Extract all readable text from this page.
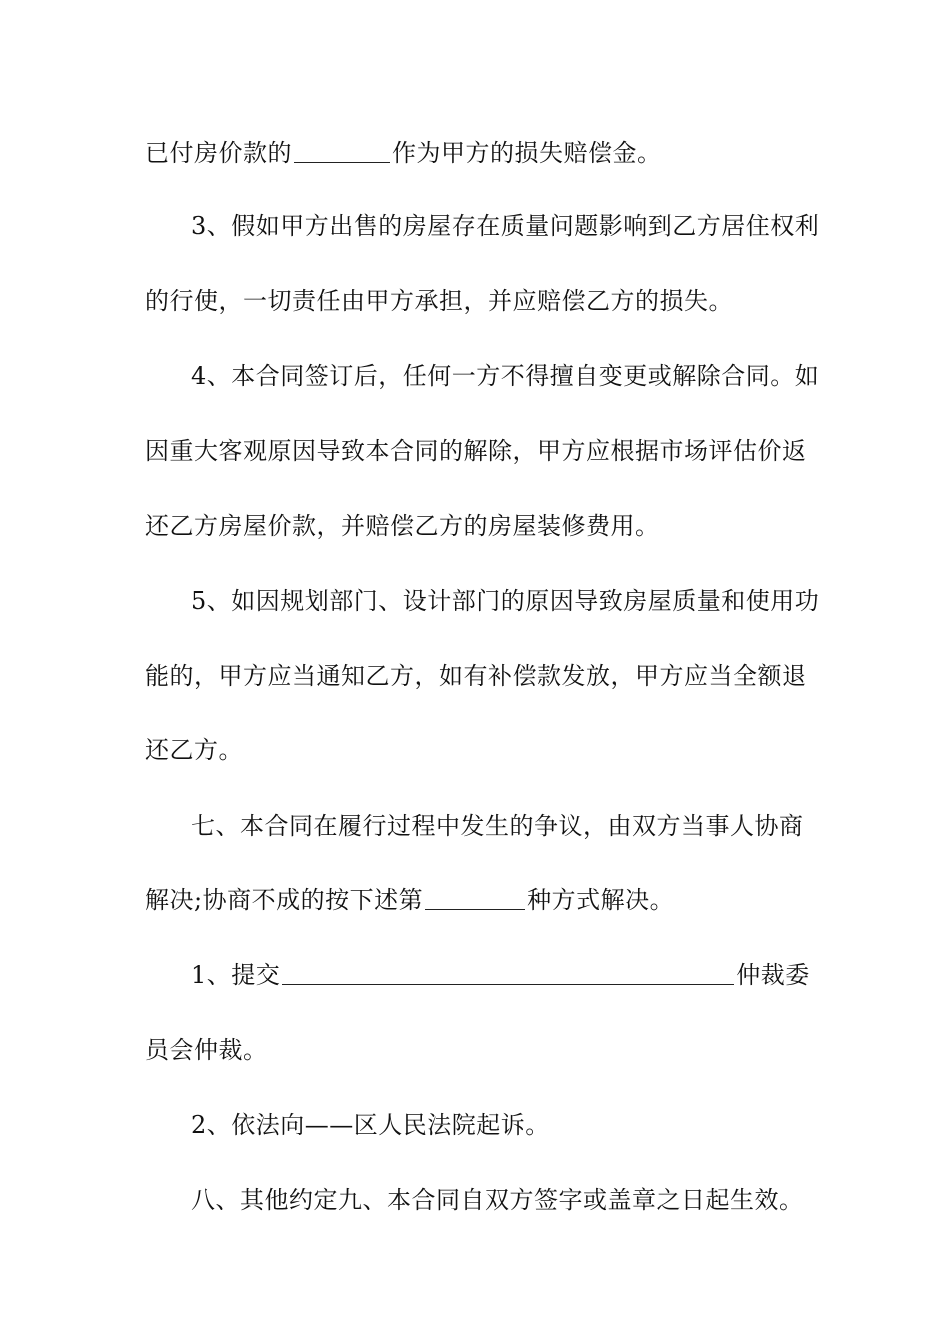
已付房价款的	作为甲方的损失赔偿金。
3、假如甲方出售的房屋存在质量问题影响到乙方居住权利
的行使，一切责任由甲方承担，并应赔偿乙方的损失。
4、本合同签订后，任何一方不得擅自变更或解除合同。如
因重大客观原因导致本合同的解除，甲方应根据市场评估价返
还乙方房屋价款，并赔偿乙方的房屋装修费用。
5、如因规划部门、设计部门的原因导致房屋质量和使用功
能的，甲方应当通知乙方，如有补偿款发放，甲方应当全额退
还乙方。
七、本合同在履行过程中发生的争议，由双方当事人协商
解决;协商不成的按下述第	种方式解决。
1、提交	仲裁委
员会仲裁。
2、依法向——区人民法院起诉。
八、其他约定九、本合同自双方签字或盖章之日起生效。
